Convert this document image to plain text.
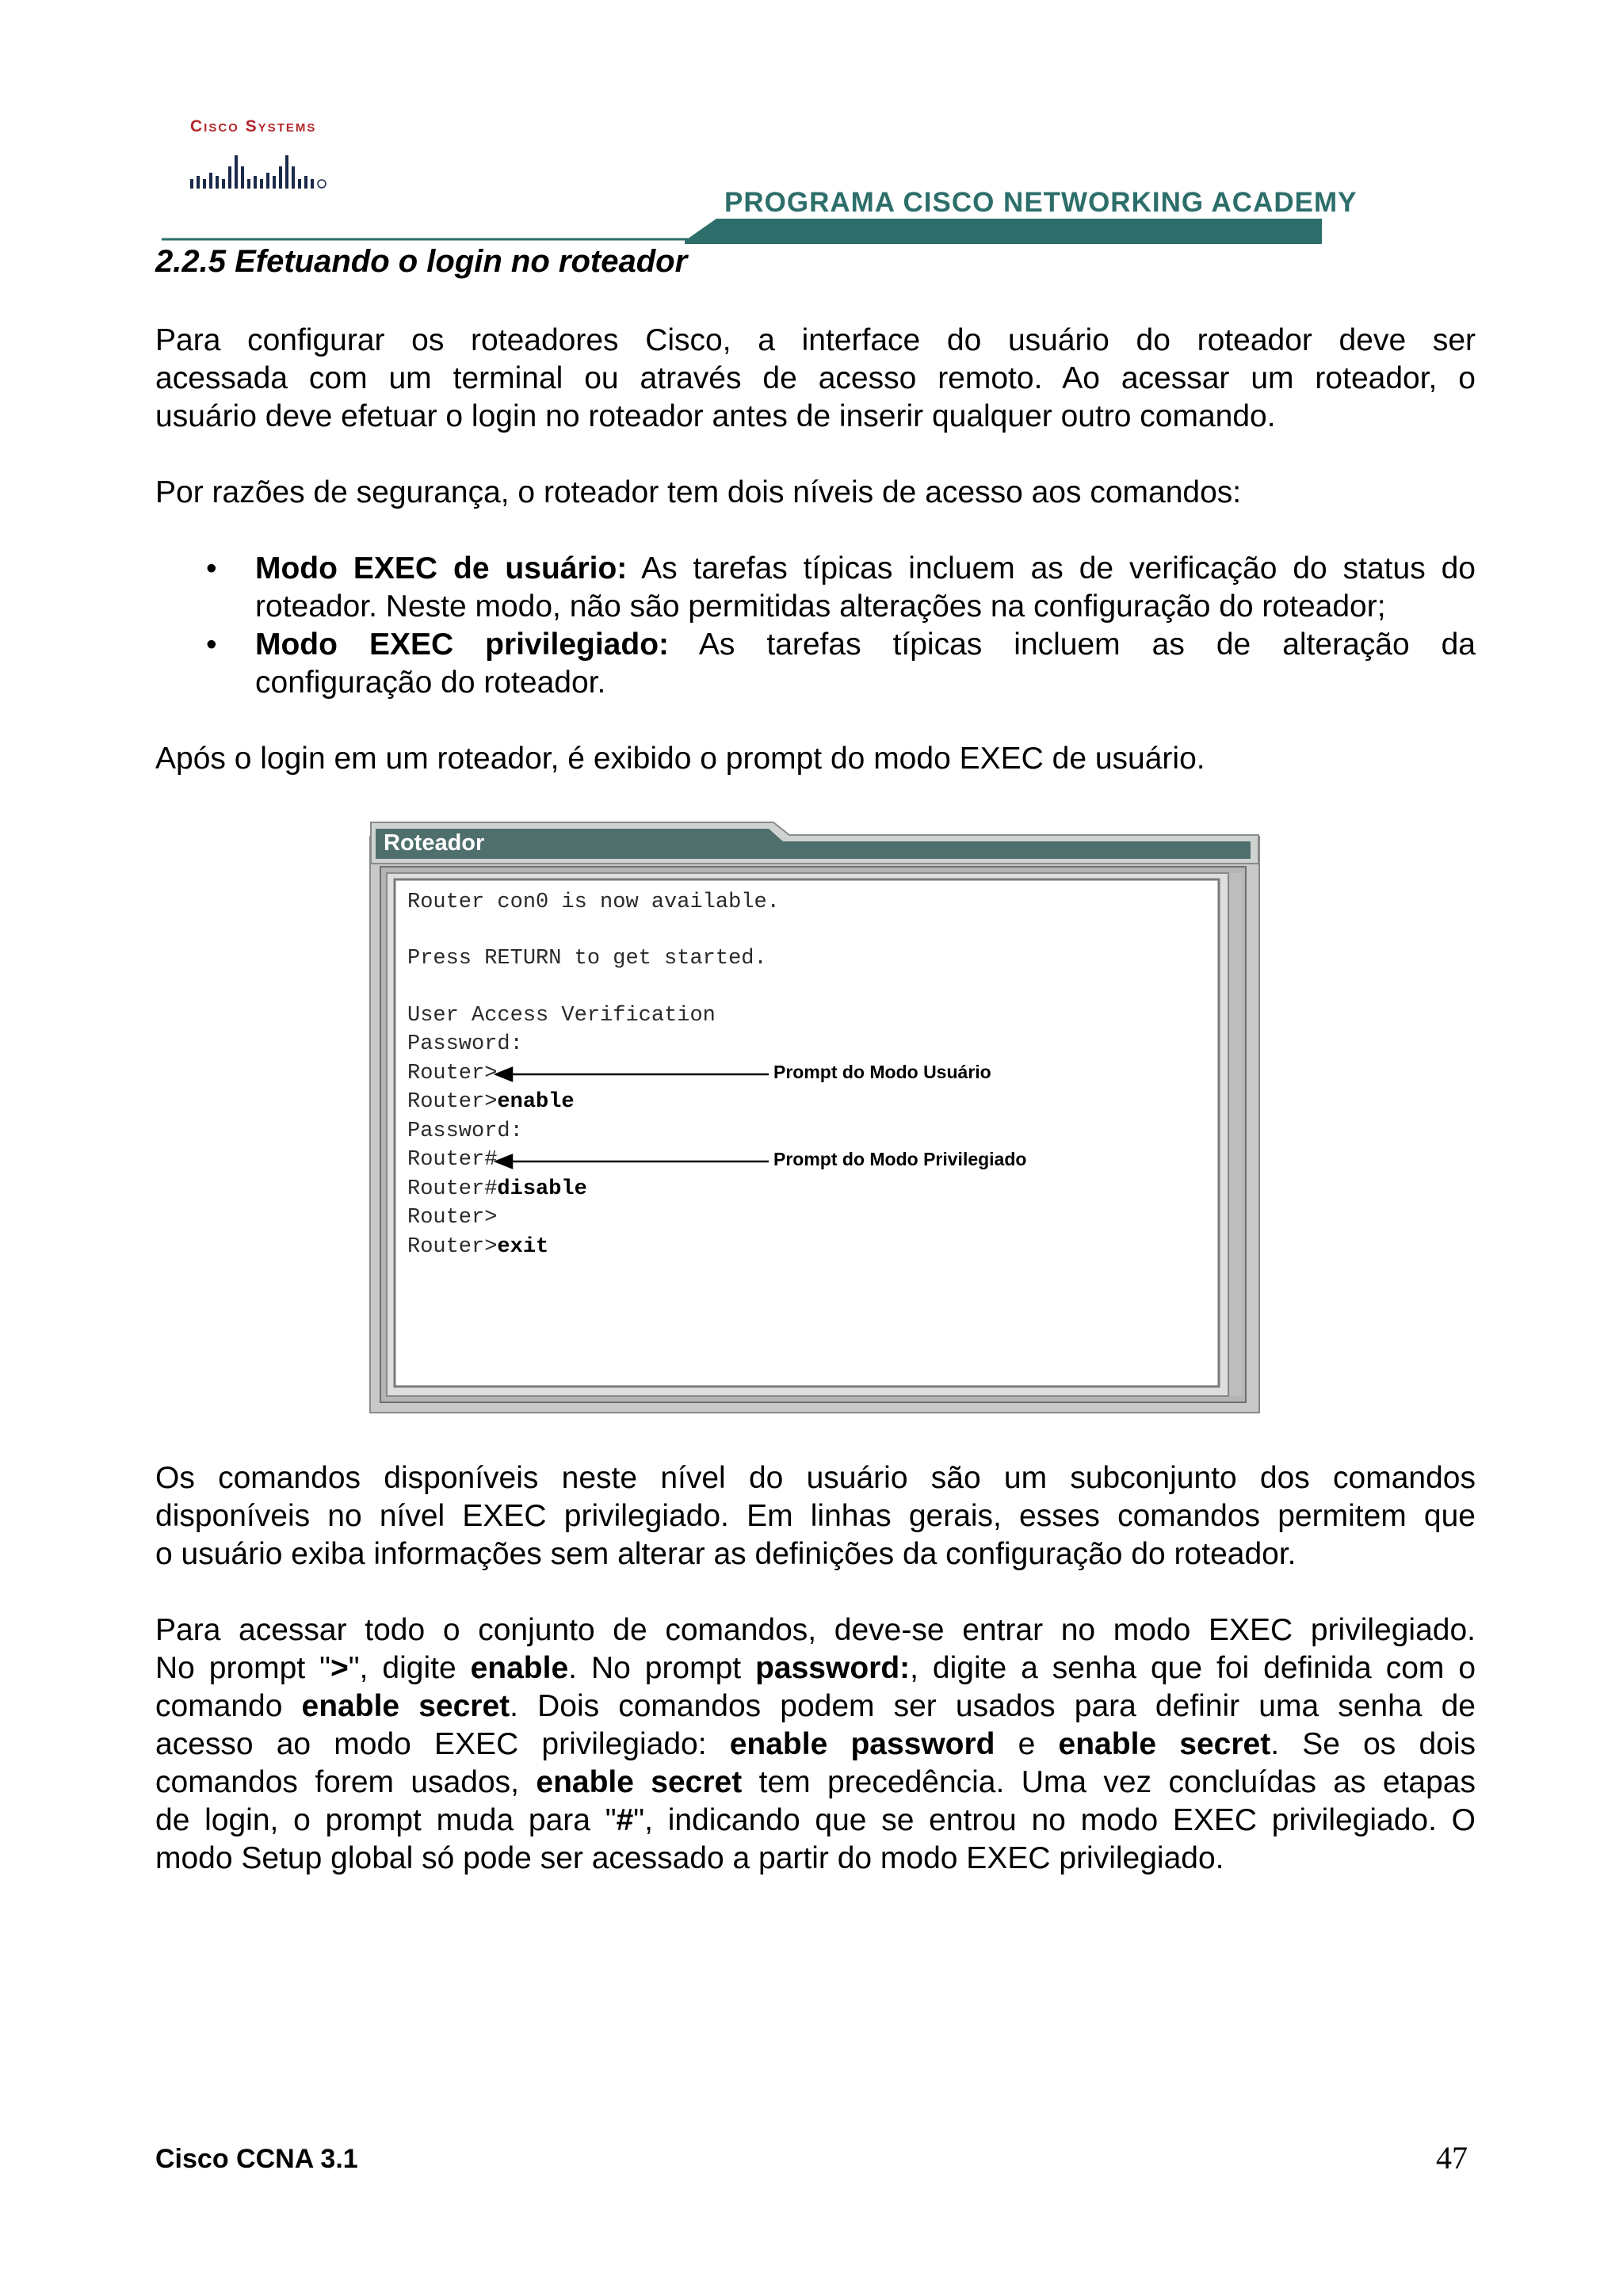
Cisco Systems
PROGRAMA CISCO NETWORKING ACADEMY
2.2.5 Efetuando o login no roteador
Para configurar os roteadores Cisco, a interface do usuário do roteador deve ser
acessada com um terminal ou através de acesso remoto. Ao acessar um roteador, o
usuário deve efetuar o login no roteador antes de inserir qualquer outro comando.
Por razões de segurança, o roteador tem dois níveis de acesso aos comandos:
•	Modo EXEC de usuário: As tarefas típicas incluem as de verificação do status do
roteador. Neste modo, não são permitidas alterações na configuração do roteador;
•	Modo EXEC privilegiado: As tarefas típicas incluem as de alteração da
configuração do roteador.
Após o login em um roteador, é exibido o prompt do modo EXEC de usuário.
Roteador
Router con0 is now available.
Press RETURN to get started.
User Access Verification
Password:
Router>
Router>enable
Password:
Router#
Router#disable
Router>
Router>exit
Prompt do Modo Usuário
Prompt do Modo Privilegiado
Os comandos disponíveis neste nível do usuário são um subconjunto dos comandos
disponíveis no nível EXEC privilegiado. Em linhas gerais, esses comandos permitem que
o usuário exiba informações sem alterar as definições da configuração do roteador.
Para acessar todo o conjunto de comandos, deve-se entrar no modo EXEC privilegiado.
No prompt ">", digite enable. No prompt password:, digite a senha que foi definida com o
comando enable secret. Dois comandos podem ser usados para definir uma senha de
acesso ao modo EXEC privilegiado: enable password e enable secret. Se os dois
comandos forem usados, enable secret tem precedência. Uma vez concluídas as etapas
de login, o prompt muda para "#", indicando que se entrou no modo EXEC privilegiado. O
modo Setup global só pode ser acessado a partir do modo EXEC privilegiado.
Cisco CCNA 3.1	47
